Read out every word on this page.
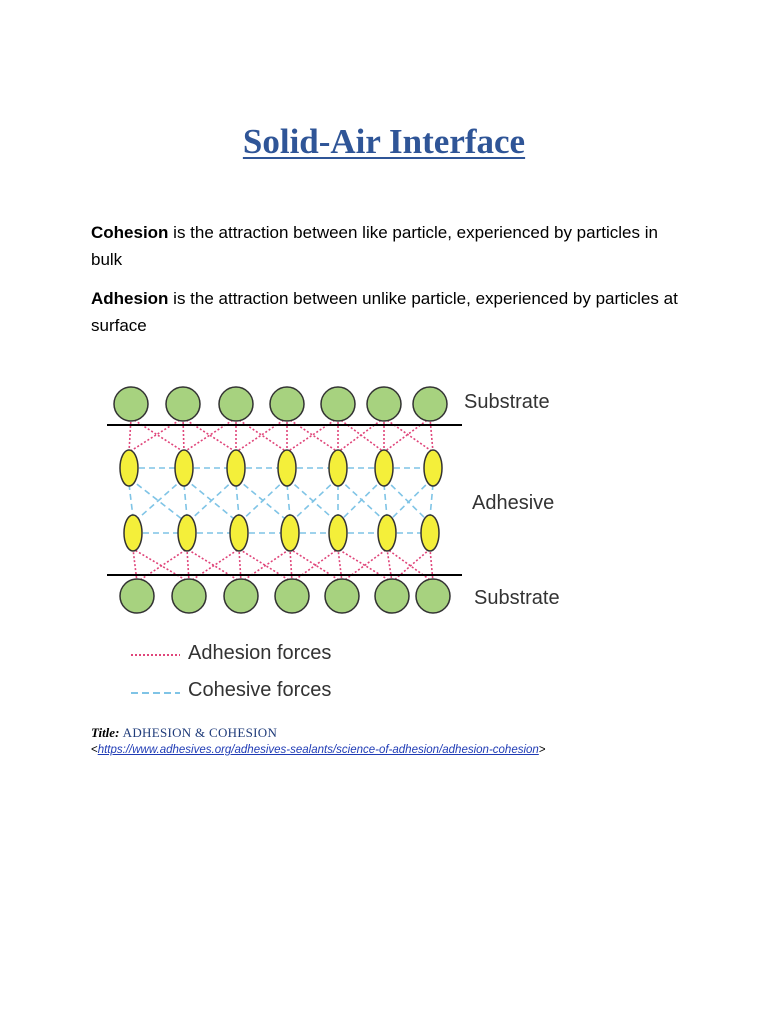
Solid-Air Interface

Cohesion is the attraction between like particle, experienced by particles in bulk

Adhesion is the attraction between unlike particle, experienced by particles at surface

Substrate
Adhesive
Substrate
Adhesion forces
Cohesive forces

Title: ADHESION & COHESION

<https://www.adhesives.org/adhesives-sealants/science-of-adhesion/adhesion-cohesion>
